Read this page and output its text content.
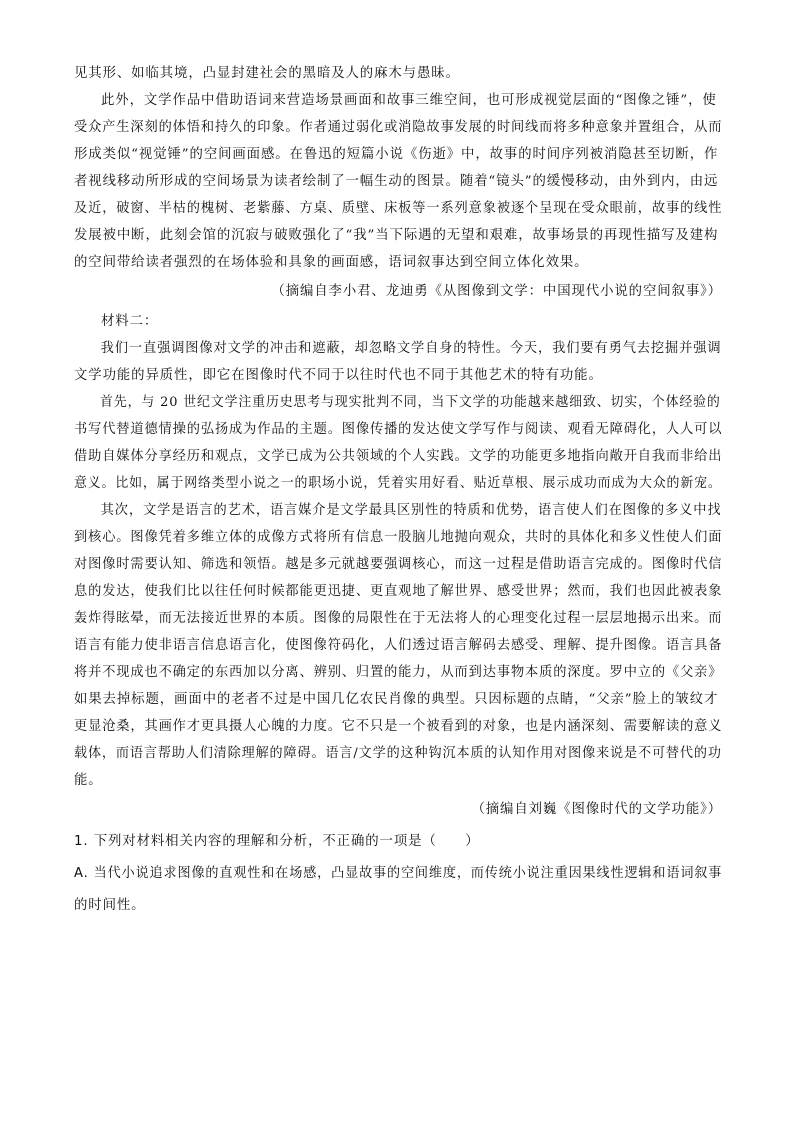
见其形、如临其境，凸显封建社会的黑暗及人的麻木与愚昧。
此外，文学作品中借助语词来营造场景画面和故事三维空间，也可形成视觉层面的“图像之锤”，使
受众产生深刻的体悟和持久的印象。作者通过弱化或消隐故事发展的时间线而将多种意象并置组合，从而
形成类似“视觉锤”的空间画面感。在鲁迅的短篇小说《伤逝》中，故事的时间序列被消隐甚至切断，作
者视线移动所形成的空间场景为读者绘制了一幅生动的图景。随着“镜头”的缓慢移动，由外到内，由远
及近，破窗、半枯的槐树、老紫藤、方桌、质壁、床板等一系列意象被逐个呈现在受众眼前，故事的线性
发展被中断，此刻会馆的沉寂与破败强化了“我”当下际遇的无望和艰难，故事场景的再现性描写及建构
的空间带给读者强烈的在场体验和具象的画面感，语词叙事达到空间立体化效果。
（摘编自李小君、龙迪勇《从图像到文学：中国现代小说的空间叙事》）
材料二：
我们一直强调图像对文学的冲击和遮蔽，却忽略文学自身的特性。今天，我们要有勇气去挖掘并强调
文学功能的异质性，即它在图像时代不同于以往时代也不同于其他艺术的特有功能。
首先，与 20 世纪文学注重历史思考与现实批判不同，当下文学的功能越来越细致、切实，个体经验的
书写代替道德情操的弘扬成为作品的主题。图像传播的发达使文学写作与阅读、观看无障碍化，人人可以
借助自媒体分享经历和观点，文学已成为公共领域的个人实践。文学的功能更多地指向敞开自我而非给出
意义。比如，属于网络类型小说之一的职场小说，凭着实用好看、贴近草根、展示成功而成为大众的新宠。
其次，文学是语言的艺术，语言媒介是文学最具区别性的特质和优势，语言使人们在图像的多义中找
到核心。图像凭着多维立体的成像方式将所有信息一股脑儿地抛向观众，共时的具体化和多义性使人们面
对图像时需要认知、筛选和领悟。越是多元就越要强调核心，而这一过程是借助语言完成的。图像时代信
息的发达，使我们比以往任何时候都能更迅捷、更直观地了解世界、感受世界；然而，我们也因此被表象
轰炸得眩晕，而无法接近世界的本质。图像的局限性在于无法将人的心理变化过程一层层地揭示出来。而
语言有能力使非语言信息语言化，使图像符码化，人们透过语言解码去感受、理解、提升图像。语言具备
将并不现成也不确定的东西加以分离、辨别、归置的能力，从而到达事物本质的深度。罗中立的《父亲》
如果去掉标题，画面中的老者不过是中国几亿农民肖像的典型。只因标题的点睛，“父亲”脸上的皱纹才
更显沧桑，其画作才更具摄人心魄的力度。它不只是一个被看到的对象，也是内涵深刻、需要解读的意义
载体，而语言帮助人们清除理解的障碍。语言/文学的这种钩沉本质的认知作用对图像来说是不可替代的功
能。
（摘编自刘巍《图像时代的文学功能》）
1. 下列对材料相关内容的理解和分析，不正确的一项是（　　）
A. 当代小说追求图像的直观性和在场感，凸显故事的空间维度，而传统小说注重因果线性逻辑和语词叙事
的时间性。
